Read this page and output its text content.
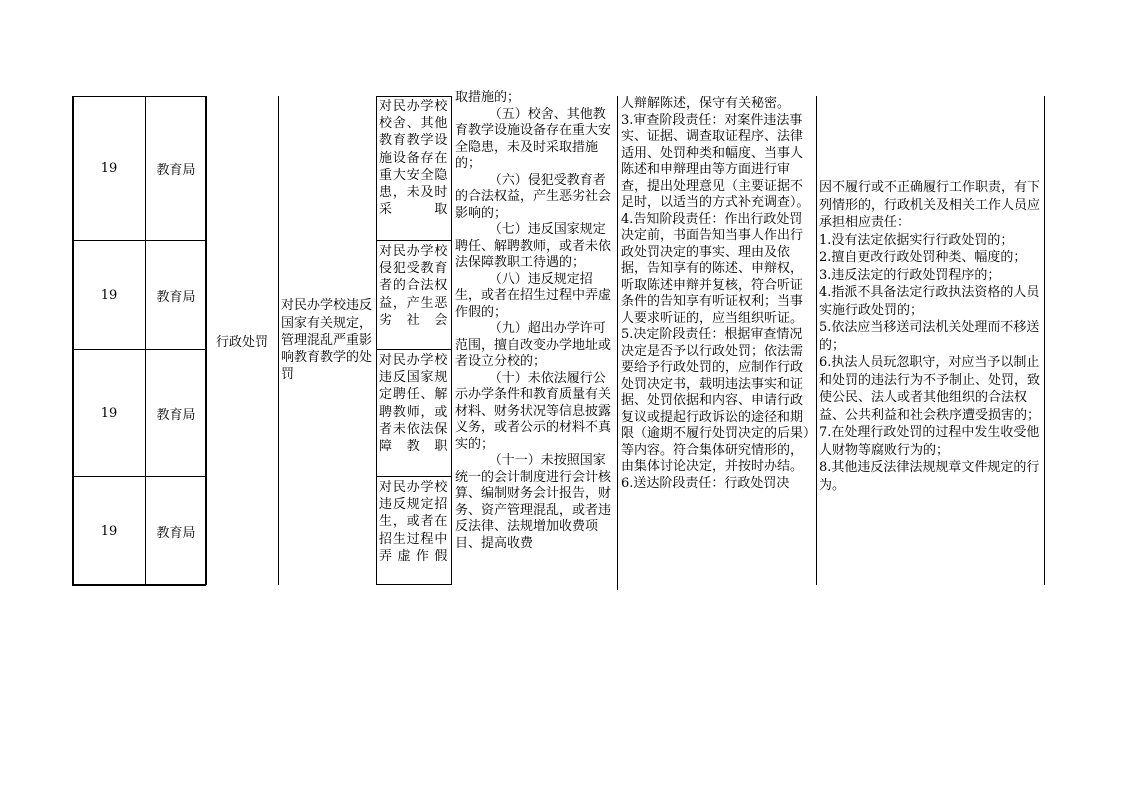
19
19
19
19
教育局
教育局
教育局
教育局
行政处罚
对民办学校违反国家有关规定，管理混乱严重影响教育教学的处罚
对民办学校校舍、其他教育教学设施设备存在重大安全隐患，未及时采取
对民办学校侵犯受教育者的合法权益，产生恶劣社会
对民办学校违反国家规定聘任、解聘教师，或者未依法保障教职
对民办学校违反规定招生，或者在招生过程中弄虚作假

取措施的；

（五）校舍、其他教育教学设施设备存在重大安全隐患，未及时采取措施的；

（六）侵犯受教育者的合法权益，产生恶劣社会影响的；

（七）违反国家规定聘任、解聘教师，或者未依法保障教职工待遇的；

（八）违反规定招生，或者在招生过程中弄虚作假的；

（九）超出办学许可范围，擅自改变办学地址或者设立分校的；

（十）未依法履行公示办学条件和教育质量有关材料、财务状况等信息披露义务，或者公示的材料不真实的；

（十一）未按照国家统一的会计制度进行会计核算、编制财务会计报告，财务、资产管理混乱，或者违反法律、法规增加收费项目、提高收费

人辩解陈述，保守有关秘密。

3.审查阶段责任：对案件违法事实、证据、调查取证程序、法律适用、处罚种类和幅度、当事人陈述和申辩理由等方面进行审查，提出处理意见（主要证据不足时，以适当的方式补充调查）。

4.告知阶段责任：作出行政处罚决定前，书面告知当事人作出行政处罚决定的事实、理由及依据，告知享有的陈述、申辩权，听取陈述申辩并复核，符合听证条件的告知享有听证权利；当事人要求听证的，应当组织听证。

5.决定阶段责任：根据审查情况决定是否予以行政处罚；依法需要给予行政处罚的，应制作行政处罚决定书，载明违法事实和证据、处罚依据和内容、申请行政复议或提起行政诉讼的途径和期限（逾期不履行处罚决定的后果）等内容。符合集体研究情形的，由集体讨论决定，并按时办结。

6.送达阶段责任：行政处罚决

因不履行或不正确履行工作职责，有下列情形的，行政机关及相关工作人员应承担相应责任：

1.没有法定依据实行行政处罚的；

2.擅自更改行政处罚种类、幅度的；

3.违反法定的行政处罚程序的；

4.指派不具备法定行政执法资格的人员实施行政处罚的；

5.依法应当移送司法机关处理而不移送的；

6.执法人员玩忽职守，对应当予以制止和处罚的违法行为不予制止、处罚，致使公民、法人或者其他组织的合法权益、公共利益和社会秩序遭受损害的；

7.在处理行政处罚的过程中发生收受他人财物等腐败行为的；

8.其他违反法律法规规章文件规定的行为。
